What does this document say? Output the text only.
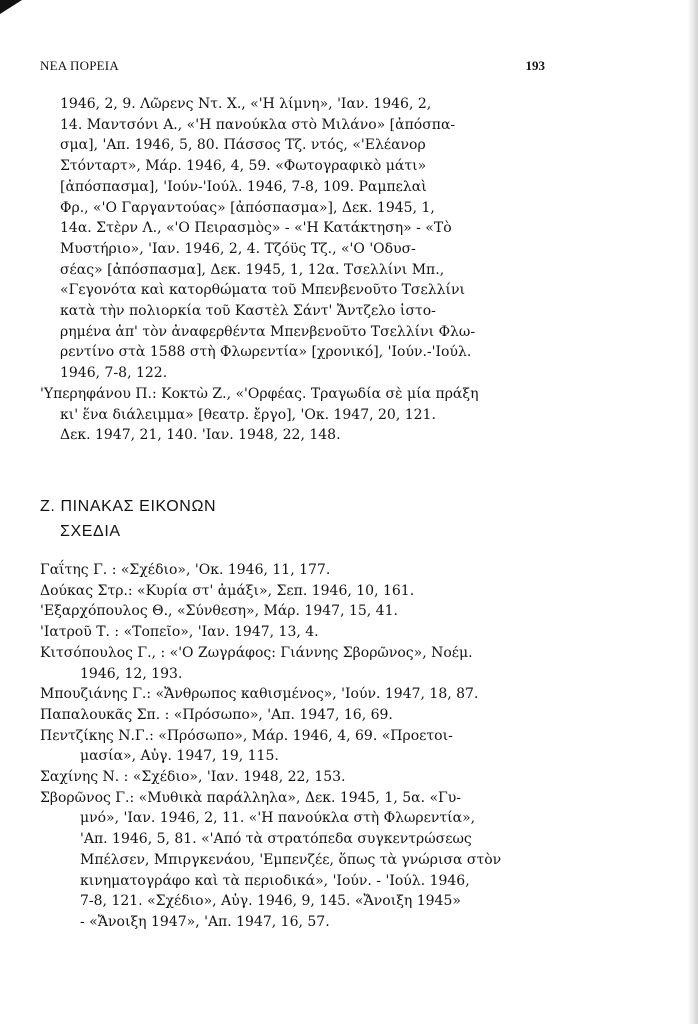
ΝΕΑ ΠΟΡΕΙΑ	193
1946, 2, 9. Λῶρενς Ντ. Χ., «'Η λίμνη», 'Ιαν. 1946, 2,
14. Μαντσόνι Α., «'Η πανούκλα στὸ Μιλάνο» [ἀπόσπα-
σμα], 'Απ. 1946, 5, 80. Πάσσος Τζ. ντός, «'Ελέανορ
Στόνταρτ», Μάρ. 1946, 4, 59. «Φωτογραφικὸ μάτι»
[ἀπόσπασμα], 'Ιούν-'Ιούλ. 1946, 7-8, 109. Ραμπελαὶ
Φρ., «'Ο Γαργαντούας» [ἀπόσπασμα»], Δεκ. 1945, 1,
14α. Στὲρν Λ., «'Ο Πειρασμὸς» - «'Η Κατάκτηση» - «Τὸ
Μυστήριο», 'Ιαν. 1946, 2, 4. Τζόϋς Τζ., «'Ο 'Οδυσ-
σέας» [ἀπόσπασμα], Δεκ. 1945, 1, 12α. Τσελλίνι Μπ.,
«Γεγονότα καὶ κατορθώματα τοῦ Μπενβενοῦτο Τσελλίνι
κατὰ τὴν πολιορκία τοῦ Καστὲλ Σάντ' Ἄντζελο ἱστο-
ρημένα ἀπ' τὸν ἀναφερθέντα Μπενβενοῦτο Τσελλίνι Φλω-
ρεντίνο στὰ 1588 στὴ Φλωρεντία» [χρονικό], 'Ιούν.-'Ιούλ.
1946, 7-8, 122.
'Υπερηφάνου Π.: Κοκτὼ Ζ., «'Ορφέας. Τραγωδία σὲ μία πράξη
κι' ἕνα διάλειμμα» [θεατρ. ἔργο], 'Οκ. 1947, 20, 121.
Δεκ. 1947, 21, 140. 'Ιαν. 1948, 22, 148.
Ζ. ΠΙΝΑΚΑΣ ΕΙΚΟΝΩΝ
ΣΧΕΔΙΑ
Γαΐτης Γ. : «Σχέδιο», 'Οκ. 1946, 11, 177.
Δούκας Στρ.: «Κυρία στ' ἁμάξι», Σεπ. 1946, 10, 161.
'Εξαρχόπουλος Θ., «Σύνθεση», Μάρ. 1947, 15, 41.
'Ιατροῦ Τ. : «Τοπεῖο», 'Ιαν. 1947, 13, 4.
Κιτσόπουλος Γ., : «'Ο Ζωγράφος: Γιάννης Σβορῶνος», Νοέμ.
1946, 12, 193.
Μπουζιάνης Γ.: «Ἄνθρωπος καθισμένος», 'Ιούν. 1947, 18, 87.
Παπαλουκᾶς Σπ. : «Πρόσωπο», 'Απ. 1947, 16, 69.
Πεντζίκης Ν.Γ.: «Πρόσωπο», Μάρ. 1946, 4, 69. «Προετοι-
μασία», Αὐγ. 1947, 19, 115.
Σαχίνης Ν. : «Σχέδιο», 'Ιαν. 1948, 22, 153.
Σβορῶνος Γ.: «Μυθικὰ παράλληλα», Δεκ. 1945, 1, 5α. «Γυ-
μνό», 'Ιαν. 1946, 2, 11. «'Η πανούκλα στὴ Φλωρεντία»,
'Απ. 1946, 5, 81. «'Από τὰ στρατόπεδα συγκεντρώσεως
Μπέλσεν, Μπιργκενάου, 'Εμπενζέε, ὅπως τὰ γνώρισα στὸν
κινηματογράφο καὶ τὰ περιοδικά», 'Ιούν. - 'Ιούλ. 1946,
7-8, 121. «Σχέδιο», Αὐγ. 1946, 9, 145. «Ἄνοιξη 1945»
- «Ἄνοιξη 1947», 'Απ. 1947, 16, 57.
